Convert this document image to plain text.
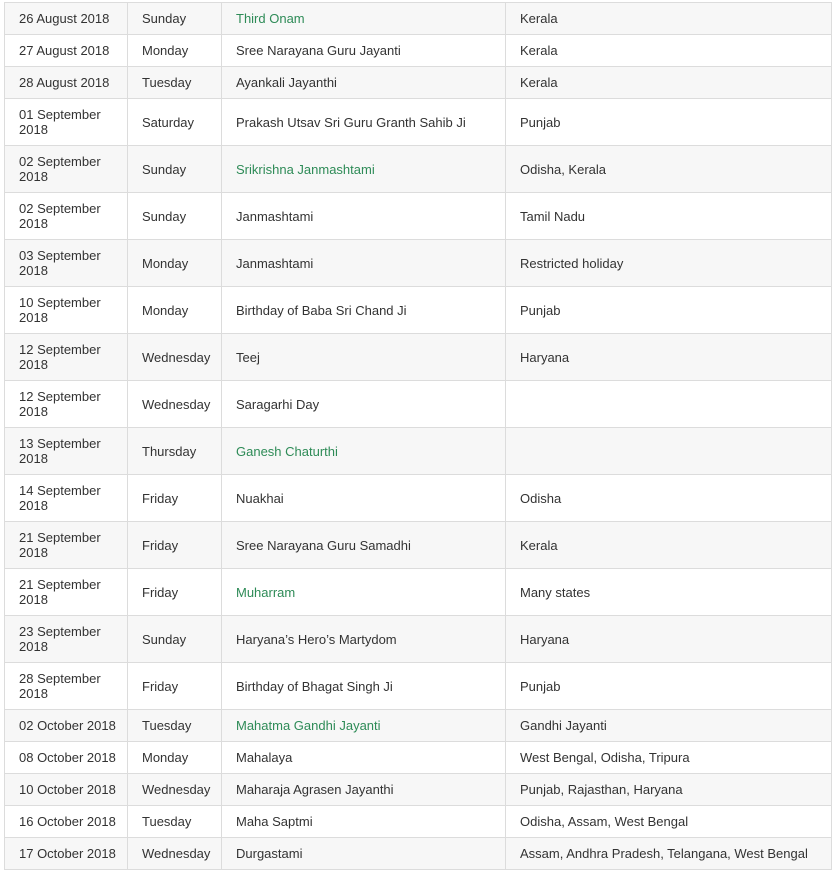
26 August 2018	Sunday	Third Onam	Kerala
27 August 2018	Monday	Sree Narayana Guru Jayanti	Kerala
28 August 2018	Tuesday	Ayankali Jayanthi	Kerala
01 September 2018	Saturday	Prakash Utsav Sri Guru Granth Sahib Ji	Punjab
02 September 2018	Sunday	Srikrishna Janmashtami	Odisha, Kerala
02 September 2018	Sunday	Janmashtami	Tamil Nadu
03 September 2018	Monday	Janmashtami	Restricted holiday
10 September 2018	Monday	Birthday of Baba Sri Chand Ji	Punjab
12 September 2018	Wednesday	Teej	Haryana
12 September 2018	Wednesday	Saragarhi Day	
13 September 2018	Thursday	Ganesh Chaturthi	
14 September 2018	Friday	Nuakhai	Odisha
21 September 2018	Friday	Sree Narayana Guru Samadhi	Kerala
21 September 2018	Friday	Muharram	Many states
23 September 2018	Sunday	Haryana’s Hero’s Martydom	Haryana
28 September 2018	Friday	Birthday of Bhagat Singh Ji	Punjab
02 October 2018	Tuesday	Mahatma Gandhi Jayanti	Gandhi Jayanti
08 October 2018	Monday	Mahalaya	West Bengal, Odisha, Tripura
10 October 2018	Wednesday	Maharaja Agrasen Jayanthi	Punjab, Rajasthan, Haryana
16 October 2018	Tuesday	Maha Saptmi	Odisha, Assam, West Bengal
17 October 2018	Wednesday	Durgastami	Assam, Andhra Pradesh, Telangana, West Bengal
